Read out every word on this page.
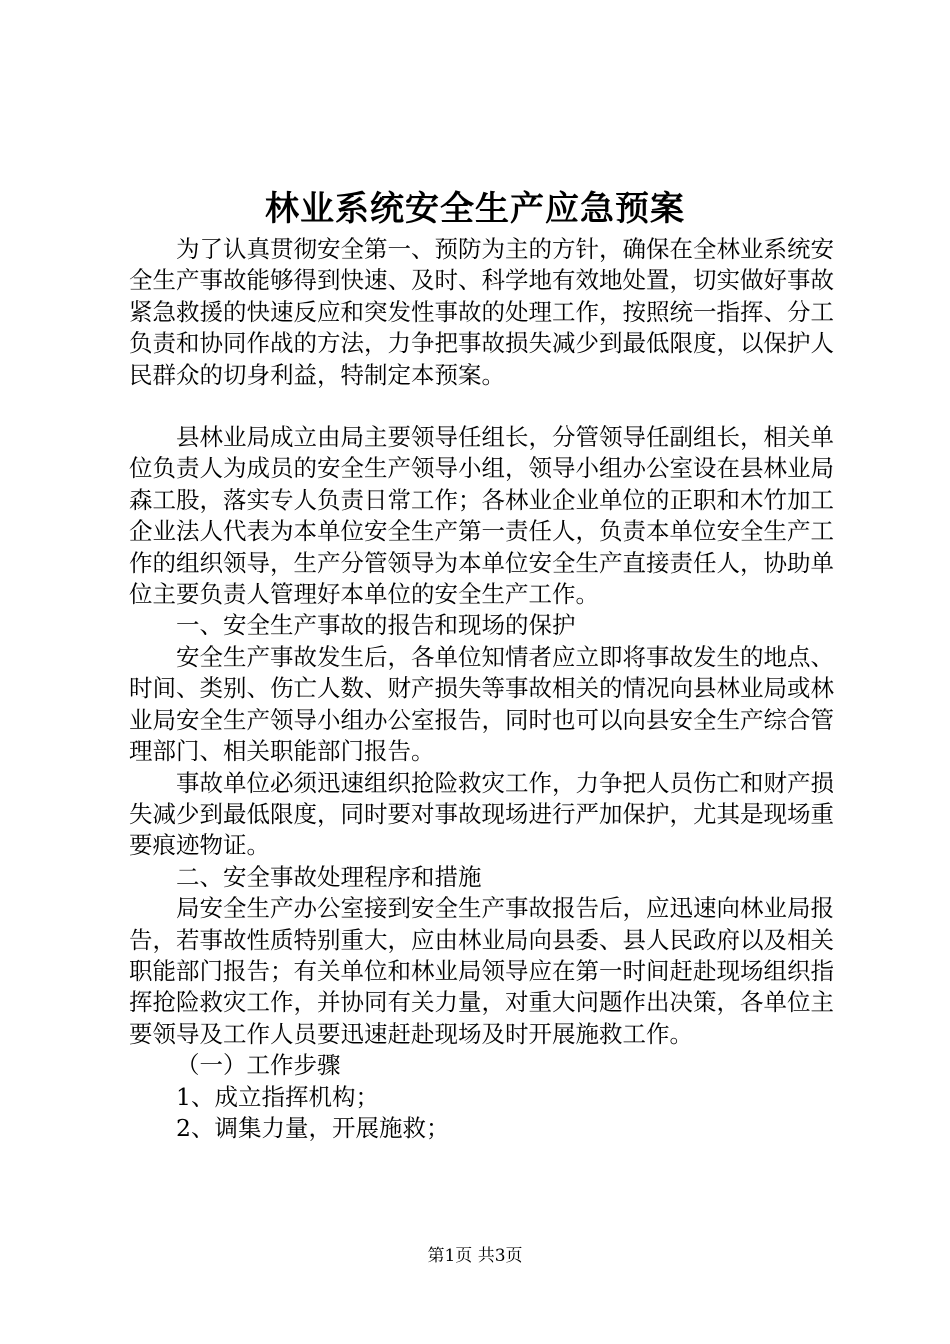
林业系统安全生产应急预案

为了认真贯彻安全第一、预防为主的方针，确保在全林业系统安全生产事故能够得到快速、及时、科学地有效地处置，切实做好事故紧急救援的快速反应和突发性事故的处理工作，按照统一指挥、分工负责和协同作战的方法，力争把事故损失减少到最低限度，以保护人民群众的切身利益，特制定本预案。

县林业局成立由局主要领导任组长，分管领导任副组长，相关单位负责人为成员的安全生产领导小组，领导小组办公室设在县林业局森工股，落实专人负责日常工作；各林业企业单位的正职和木竹加工企业法人代表为本单位安全生产第一责任人，负责本单位安全生产工作的组织领导，生产分管领导为本单位安全生产直接责任人，协助单位主要负责人管理好本单位的安全生产工作。

一、安全生产事故的报告和现场的保护

安全生产事故发生后，各单位知情者应立即将事故发生的地点、时间、类别、伤亡人数、财产损失等事故相关的情况向县林业局或林业局安全生产领导小组办公室报告，同时也可以向县安全生产综合管理部门、相关职能部门报告。

事故单位必须迅速组织抢险救灾工作，力争把人员伤亡和财产损失减少到最低限度，同时要对事故现场进行严加保护，尤其是现场重要痕迹物证。

二、安全事故处理程序和措施

局安全生产办公室接到安全生产事故报告后，应迅速向林业局报告，若事故性质特别重大，应由林业局向县委、县人民政府以及相关职能部门报告；有关单位和林业局领导应在第一时间赶赴现场组织指挥抢险救灾工作，并协同有关力量，对重大问题作出决策，各单位主要领导及工作人员要迅速赶赴现场及时开展施救工作。

（一）工作步骤

1、成立指挥机构；

2、调集力量，开展施救；

第1页 共3页
